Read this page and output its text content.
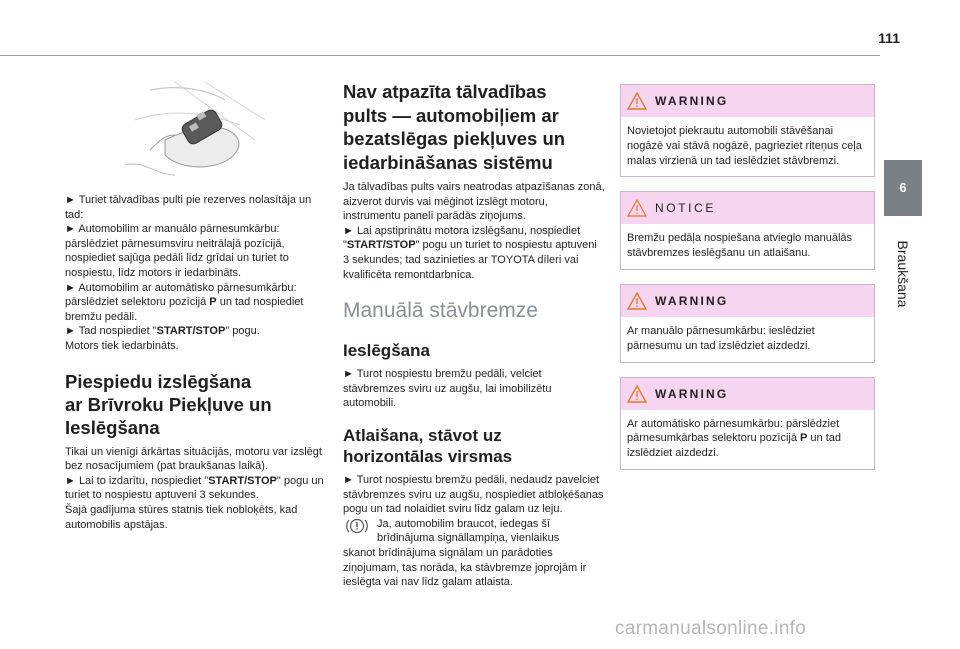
111
6
Braukšana

► Turiet tālvadības pulti pie rezerves nolasītāja un tad:
► Automobilim ar manuālo pārnesumkārbu: pārslēdziet pārnesumsviru neitrālajā pozīcijā, nospiediet sajūga pedāli līdz grīdai un turiet to nospiestu, līdz motors ir iedarbināts.
► Automobilim ar automātisko pārnesumkārbu: pārslēdziet selektoru pozīcijā P un tad nospiediet bremžu pedāli.
► Tad nospiediet "START/STOP" pogu.
Motors tiek iedarbināts.

Piespiedu izslēgšana
ar Brīvroku Piekļuve un
Ieslēgšana

Tikai un vienīgi ārkārtas situācijās, motoru var izslēgt bez nosacījumiem (pat braukšanas laikā).
► Lai to izdarītu, nospiediet "START/STOP" pogu un turiet to nospiestu aptuveni 3 sekundes.
Šajā gadījuma stūres statnis tiek nobloķēts, kad automobilis apstājas.

Nav atpazīta tālvadības
pults — automobiļiem ar
bezatslēgas piekļuves un
iedarbināšanas sistēmu

Ja tālvadības pults vairs neatrodas atpazīšanas zonā, aizverot durvis vai mēģinot izslēgt motoru, instrumentu panelī parādās ziņojums.
► Lai apstiprinātu motora izslēgšanu, nospiediet "START/STOP" pogu un turiet to nospiestu aptuveni 3 sekundes; tad sazinieties ar TOYOTA dīleri vai kvalificēta remontdarbnīca.

Manuālā stāvbremze
Ieslēgšana

► Turot nospiestu bremžu pedāli, velciet stāvbremzes sviru uz augšu, lai imobilizētu automobili.

Atlaišana, stāvot uz
horizontālas virsmas

► Turot nospiestu bremžu pedāli, nedaudz pavelciet stāvbremzes sviru uz augšu, nospiediet atbloķēšanas pogu un tad nolaidiet sviru līdz galam uz leju.

Ja, automobilim braucot, iedegas šī
brīdinājuma signāllampiņa, vienlaikus

skanot brīdinājuma signālam un parādoties ziņojumam, tas norāda, ka stāvbremze joprojām ir ieslēgta vai nav līdz galam atlaista.

WARNING
Novietojot piekrautu automobili stāvēšanai nogāzē vai stāvā nogāzē, pagrieziet riteņus ceļa malas virzienā un tad ieslēdziet stāvbremzi.
NOTICE
Bremžu pedāļa nospiešana atvieglo manuālās stāvbremzes ieslēgšanu un atlaišanu.
WARNING
Ar manuālo pārnesumkārbu: ieslēdziet pārnesumu un tad izslēdziet aizdedzi.
WARNING
Ar automātisko pārnesumkārbu: pārslēdziet pārnesumkārbas selektoru pozīcijā P un tad izslēdziet aizdedzi.
carmanualsonline.info
